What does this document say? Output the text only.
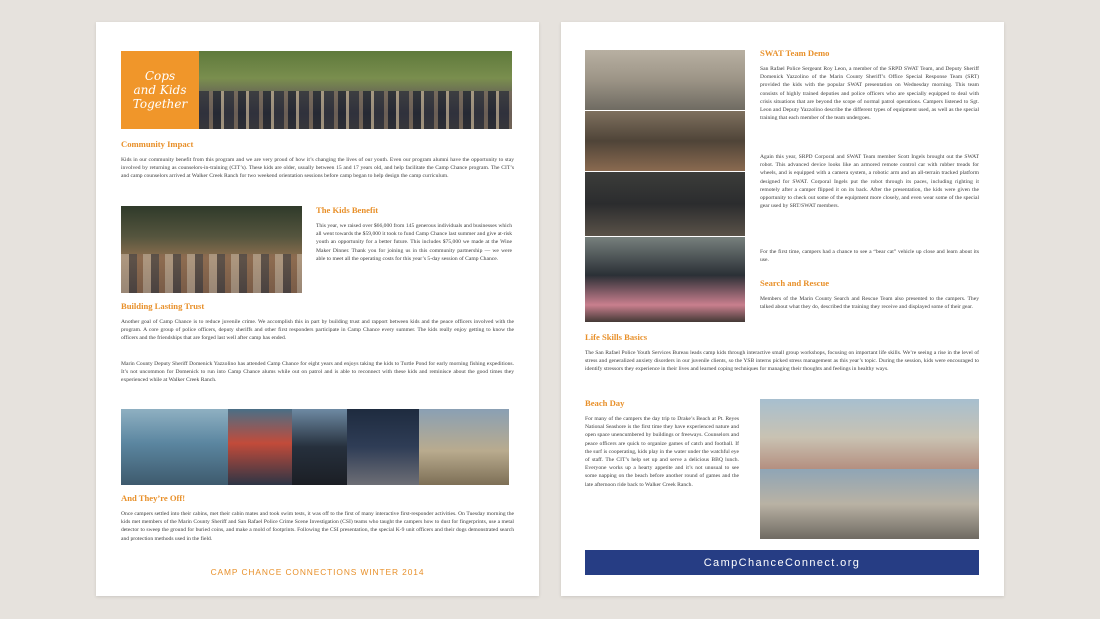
Cops
and Kids
Together
Community Impact

Kids in our community benefit from this program and we are very proud of how it’s changing the lives of our youth. Even our program alumni have the opportunity to stay involved by returning as counselors-in-training (CIT’s). These kids are older, usually between 15 and 17 years old, and help facilitate the Camp Chance program. The CIT’s and camp counselors arrived at Walker Creek Ranch for two weekend orientation sessions before camp began to help design the camp curriculum.

The Kids Benefit

This year, we raised over $66,000 from 145 generous individuals and businesses which all went towards the $59,000 it took to fund Camp Chance last summer and give at-risk youth an opportunity for a better future. This includes $75,000 we made at the Wine Maker Dinner. Thank you for joining us in this community partnership — we were able to meet all the operating costs for this year’s 5-day session of Camp Chance.

Building Lasting Trust

Another goal of Camp Chance is to reduce juvenile crime. We accomplish this in part by building trust and rapport between kids and the peace officers involved with the program. A core group of police officers, deputy sheriffs and other first responders participate in Camp Chance every summer. The kids really enjoy getting to know the officers and the friendships that are forged last well after camp has ended.

Marin County Deputy Sheriff Domenick Yazzolino has attended Camp Chance for eight years and enjoys taking the kids to Turtle Pond for early morning fishing expeditions. It’s not uncommon for Domenick to run into Camp Chance alums while out on patrol and is able to reconnect with these kids and reminisce about the good times they experienced while at Walker Creek Ranch.

And They’re Off!

Once campers settled into their cabins, met their cabin mates and took swim tests, it was off to the first of many interactive first-responder activities. On Tuesday morning the kids met members of the Marin County Sheriff and San Rafael Police Crime Scene Investigation (CSI) teams who taught the campers how to dust for fingerprints, use a metal detector to sweep the ground for buried coins, and make a mold of footprints. Following the CSI presentation, the special K-9 unit officers and their dogs demonstrated search and protection methods used in the field.

CAMP CHANCE CONNECTIONS WINTER 2014
SWAT Team Demo

San Rafael Police Sergeant Roy Leon, a member of the SRPD SWAT Team, and Deputy Sheriff Domenick Yazzolino of the Marin County Sheriff’s Office Special Response Team (SRT) provided the kids with the popular SWAT presentation on Wednesday morning. This team consists of highly trained deputies and police officers who are specially equipped to deal with crisis situations that are beyond the scope of normal patrol operations. Campers listened to Sgt. Leon and Deputy Yazzolino describe the different types of equipment used, as well as the special training that each member of the team undergoes.

Again this year, SRPD Corporal and SWAT Team member Scott Ingels brought out the SWAT robot. This advanced device looks like an armored remote control car with rubber treads for wheels, and is equipped with a camera system, a robotic arm and an all-terrain tracked platform designed for SWAT. Corporal Ingels put the robot through its paces, including righting it remotely after a camper flipped it on its back. After the presentation, the kids were given the opportunity to check out some of the equipment more closely, and even wear some of the special gear used by SRT/SWAT members.

For the first time, campers had a chance to see a “bear cat” vehicle up close and learn about its use.

Search and Rescue

Members of the Marin County Search and Rescue Team also presented to the campers. They talked about what they do, described the training they receive and displayed some of their gear.

Life Skills Basics

The San Rafael Police Youth Services Bureau leads camp kids through interactive small group workshops, focusing on important life skills. We’re seeing a rise in the level of stress and generalized anxiety disorders in our juvenile clients, so the YSB interns picked stress management as this year’s topic. During the session, kids were encouraged to identify stressors they experience in their lives and learned coping techniques for managing their thoughts and feelings in healthy ways.

Beach Day

For many of the campers the day trip to Drake’s Beach at Pt. Reyes National Seashore is the first time they have experienced nature and open space unencumbered by buildings or freeways. Counselors and peace officers are quick to organize games of catch and football. If the surf is cooperating, kids play in the water under the watchful eye of staff. The CIT’s help set up and serve a delicious BBQ lunch. Everyone works up a hearty appetite and it’s not unusual to see some napping on the beach before another round of games and the late afternoon ride back to Walker Creek Ranch.

CampChanceConnect.org
